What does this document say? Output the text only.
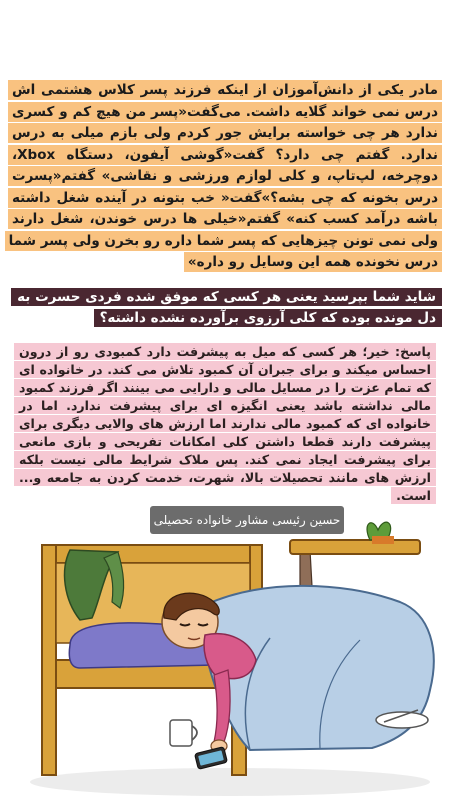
مادر یکی از دانش‌آموزان از اینکه فرزند پسر کلاس هشتمی اش درس نمی خواند گلایه داشت. می‌گفت«پسر من هیچ کم و کسری ندارد هر چی خواسته برایش جور کردم ولی بازم میلی به درس ندارد. گفتم چی دارد؟ گفت«گوشی آیفون، دستگاه Xbox، دوچرخه، لپ‌تاپ، و کلی لوازم ورزشی و نقاشی» گفتم«پسرت درس بخونه که چی بشه؟»گفت« خب بتونه در آینده شغل داشته باشه درآمد کسب کنه» گفتم«خیلی ها درس خوندن، شغل دارند ولی نمی تونن چیزهایی که پسر شما داره رو بخرن ولی پسر شما درس نخونده همه این وسایل رو داره»
شاید شما بپرسید یعنی هر کسی که موفق شده فردی حسرت به دل مونده بوده که کلی آرزوی برآورده نشده داشته؟
پاسخ: خیر؛ هر کسی که میل به پیشرفت دارد کمبودی رو از درون احساس میکند و برای جبران آن کمبود تلاش می کند. در خانواده ای که تمام عزت را در مسایل مالی و دارایی می بینند اگر فرزند کمبود مالی نداشته باشد یعنی انگیزه ای برای پیشرفت ندارد. اما در خانواده ای که کمبود مالی ندارند اما ارزش های والایی دیگری برای پیشرفت دارند قطعا داشتن کلی امکانات تفریحی و بازی مانعی برای پیشرفت ایجاد نمی کند. پس ملاک شرایط مالی نیست بلکه ارزش های مانند تحصیلات بالا، شهرت، خدمت کردن به جامعه و... است.
حسین رئیسی مشاور خانواده تحصیلی
